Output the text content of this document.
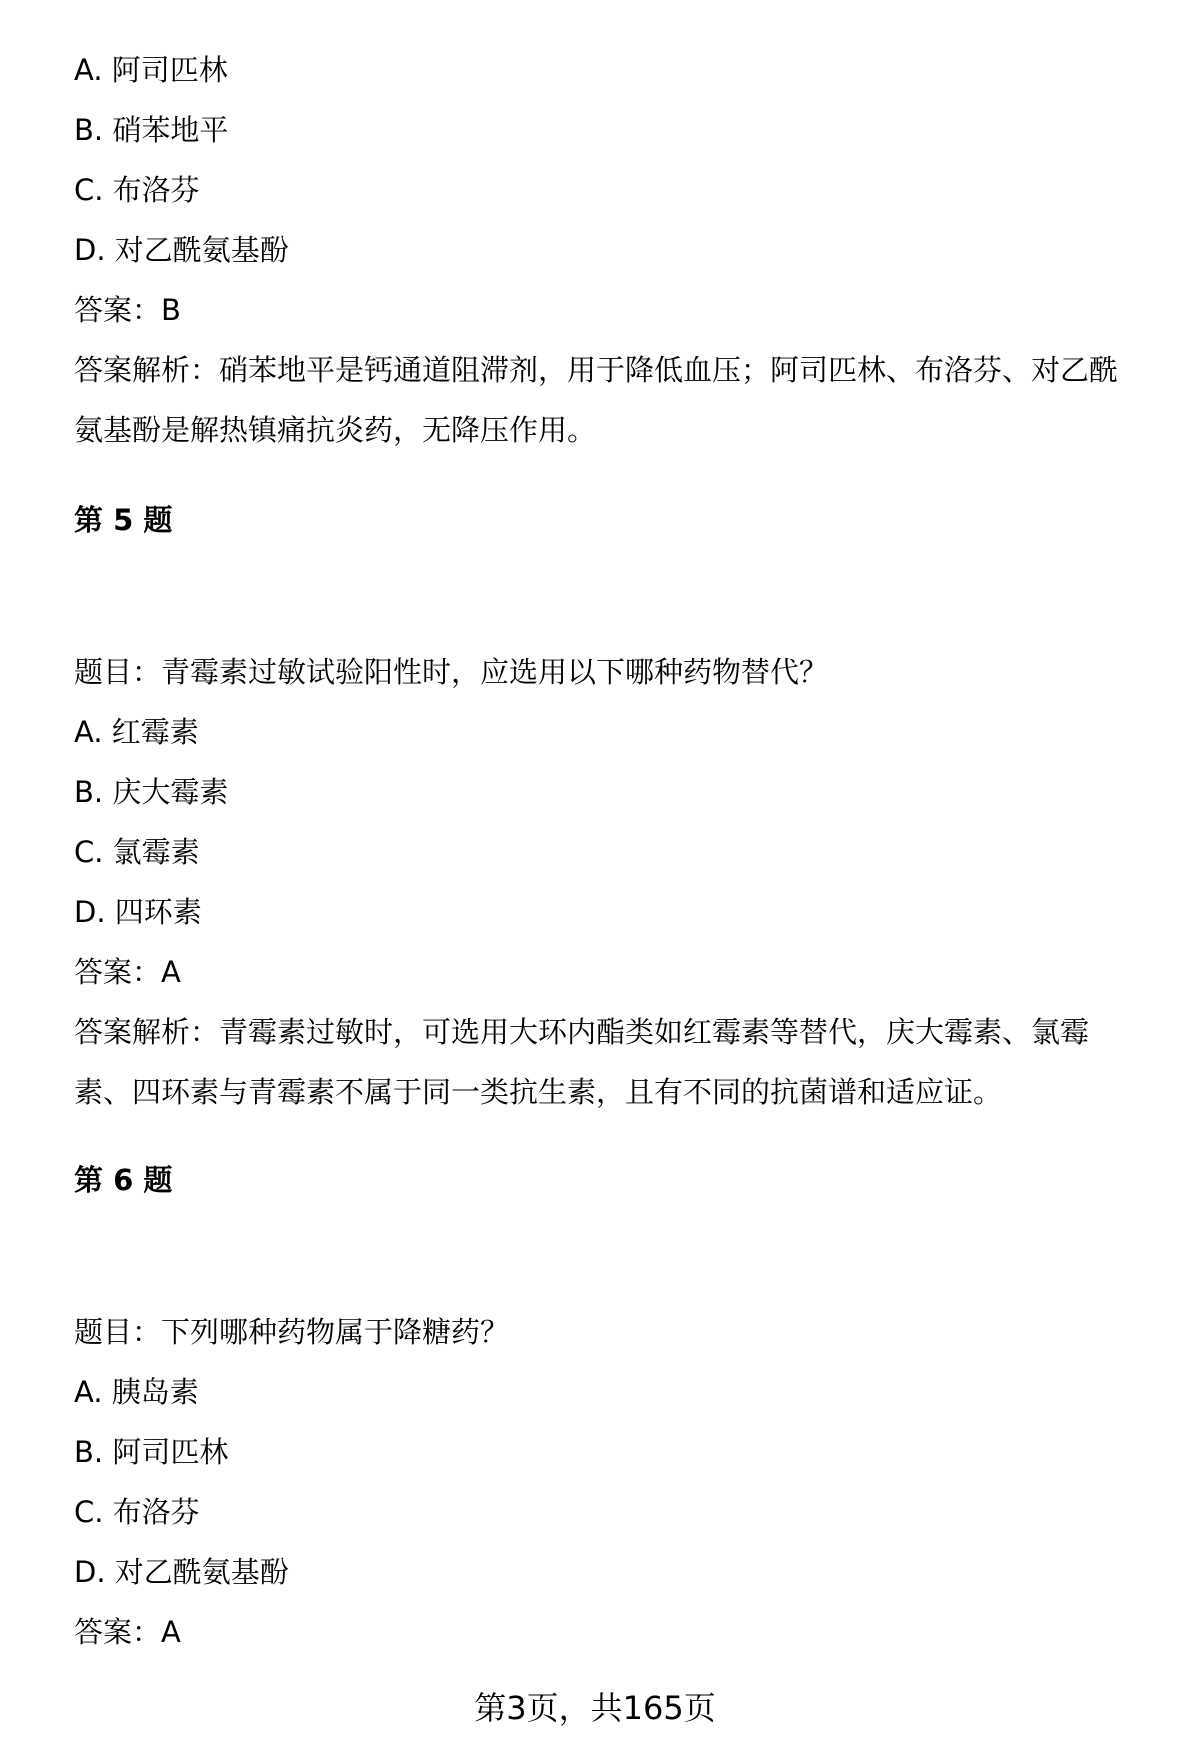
A. 阿司匹林
B. 硝苯地平
C. 布洛芬
D. 对乙酰氨基酚
答案：B
答案解析：硝苯地平是钙通道阻滞剂，用于降低血压；阿司匹林、布洛芬、对乙酰
氨基酚是解热镇痛抗炎药，无降压作用。
第 5 题
题目：青霉素过敏试验阳性时，应选用以下哪种药物替代？
A. 红霉素
B. 庆大霉素
C. 氯霉素
D. 四环素
答案：A
答案解析：青霉素过敏时，可选用大环内酯类如红霉素等替代，庆大霉素、氯霉
素、四环素与青霉素不属于同一类抗生素，且有不同的抗菌谱和适应证。
第 6 题
题目：下列哪种药物属于降糖药？
A. 胰岛素
B. 阿司匹林
C. 布洛芬
D. 对乙酰氨基酚
答案：A
第3页，共165页
